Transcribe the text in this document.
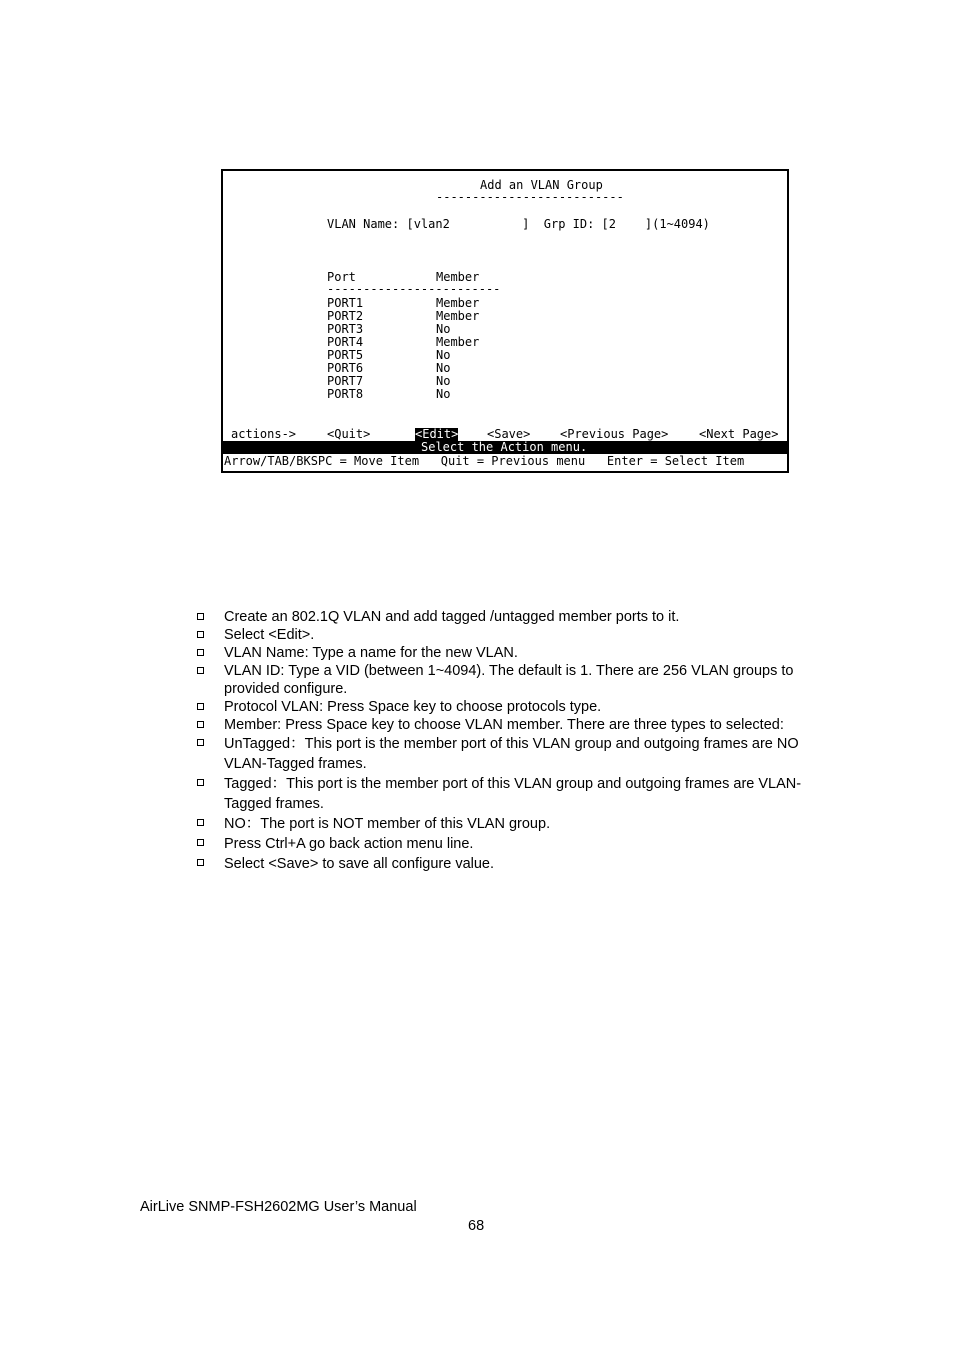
Add an VLAN Group
--------------------------
VLAN Name: [vlan2          ]  Grp ID: [2    ](1~4094)
Port	Member
------------------------
PORT1	Member
PORT2	Member
PORT3	No
PORT4	Member
PORT5	No
PORT6	No
PORT7	No
PORT8	No
actions->	<Quit>	<Edit> <Save> <Previous Page>	<Next Page>
Select the Action menu.
Arrow/TAB/BKSPC = Move Item   Quit = Previous menu   Enter = Select Item
Create an 802.1Q VLAN and add tagged /untagged member ports to it.
Select <Edit>.
VLAN Name: Type a name for the new VLAN.
VLAN ID: Type a VID (between 1~4094). The default is 1. There are 256 VLAN groups to provided configure.
Protocol VLAN: Press Space key to choose protocols type.
Member: Press Space key to choose VLAN member. There are three types to selected:
UnTagged：This port is the member port of this VLAN group and outgoing frames are NO VLAN-Tagged frames.
Tagged：This port is the member port of this VLAN group and outgoing frames are VLAN-Tagged frames.
NO：The port is NOT member of this VLAN group.
Press Ctrl+A go back action menu line.
Select <Save> to save all configure value.
AirLive SNMP-FSH2602MG User’s Manual
68
